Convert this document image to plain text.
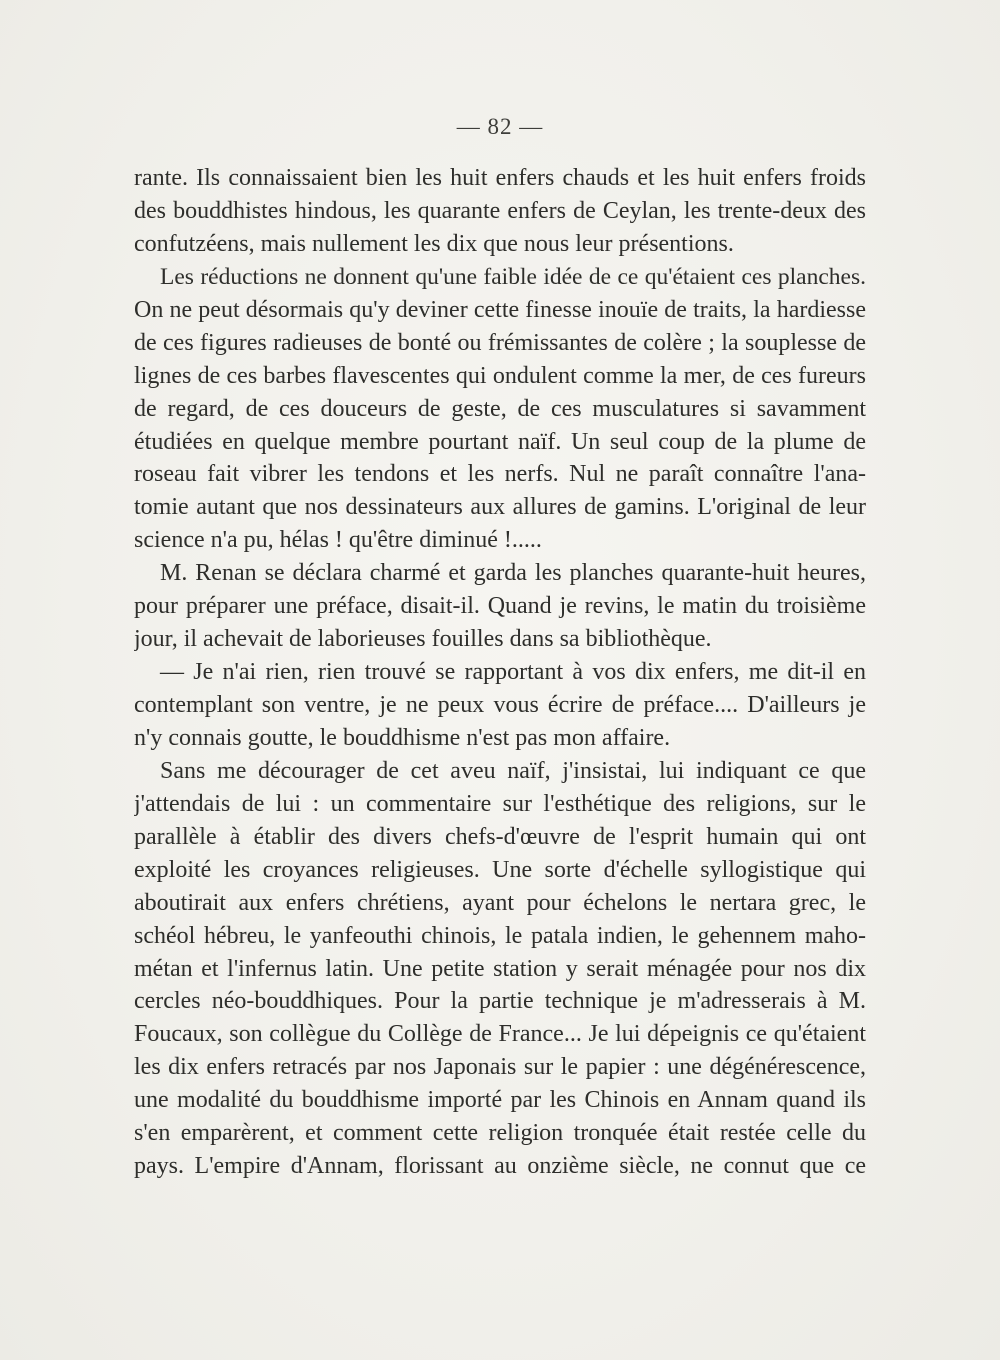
— 82 —
rante. Ils connaissaient bien les huit enfers chauds et les huit enfers froids
des bouddhistes hindous, les quarante enfers de Ceylan, les trente-deux des
confutzéens, mais nullement les dix que nous leur présentions.
Les réductions ne donnent qu'une faible idée de ce qu'étaient ces planches.
On ne peut désormais qu'y deviner cette finesse inouïe de traits, la hardiesse
de ces figures radieuses de bonté ou frémissantes de colère ; la souplesse de
lignes de ces barbes flavescentes qui ondulent comme la mer, de ces fureurs
de regard, de ces douceurs de geste, de ces musculatures si savamment
étudiées en quelque membre pourtant naïf. Un seul coup de la plume de
roseau fait vibrer les tendons et les nerfs. Nul ne paraît connaître l'ana-
tomie autant que nos dessinateurs aux allures de gamins. L'original de leur
science n'a pu, hélas ! qu'être diminué !.....
M. Renan se déclara charmé et garda les planches quarante-huit heures,
pour préparer une préface, disait-il. Quand je revins, le matin du troisième
jour, il achevait de laborieuses fouilles dans sa bibliothèque.
— Je n'ai rien, rien trouvé se rapportant à vos dix enfers, me dit-il en
contemplant son ventre, je ne peux vous écrire de préface.... D'ailleurs je
n'y connais goutte, le bouddhisme n'est pas mon affaire.
Sans me décourager de cet aveu naïf, j'insistai, lui indiquant ce que
j'attendais de lui : un commentaire sur l'esthétique des religions, sur le
parallèle à établir des divers chefs-d'œuvre de l'esprit humain qui ont
exploité les croyances religieuses. Une sorte d'échelle syllogistique qui
aboutirait aux enfers chrétiens, ayant pour échelons le nertara grec, le
schéol hébreu, le yanfeouthi chinois, le patala indien, le gehennem maho-
métan et l'infernus latin. Une petite station y serait ménagée pour nos dix
cercles néo-bouddhiques. Pour la partie technique je m'adresserais à M.
Foucaux, son collègue du Collège de France... Je lui dépeignis ce qu'étaient
les dix enfers retracés par nos Japonais sur le papier : une dégénérescence,
une modalité du bouddhisme importé par les Chinois en Annam quand ils
s'en emparèrent, et comment cette religion tronquée était restée celle du
pays. L'empire d'Annam, florissant au onzième siècle, ne connut que ce
